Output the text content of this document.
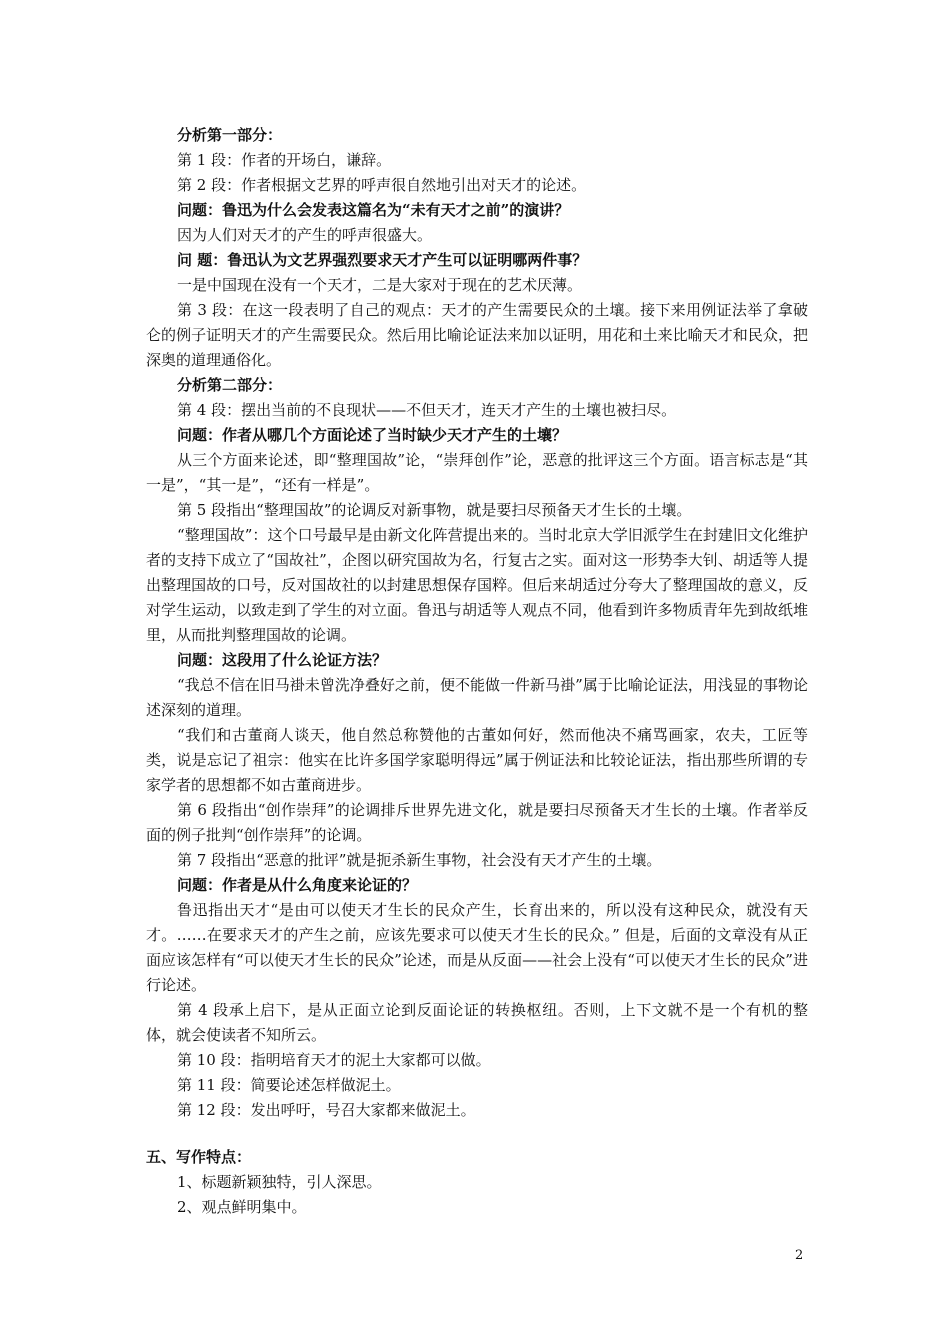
分析第一部分：

第 1 段：作者的开场白，谦辞。

第 2 段：作者根据文艺界的呼声很自然地引出对天才的论述。

问题：鲁迅为什么会发表这篇名为“未有天才之前”的演讲？

因为人们对天才的产生的呼声很盛大。

问 题：鲁迅认为文艺界强烈要求天才产生可以证明哪两件事？

一是中国现在没有一个天才，二是大家对于现在的艺术厌薄。

第 3 段：在这一段表明了自己的观点：天才的产生需要民众的土壤。接下来用例证法举了拿破仑的例子证明天才的产生需要民众。然后用比喻论证法来加以证明，用花和土来比喻天才和民众，把深奥的道理通俗化。

分析第二部分：

第 4 段：摆出当前的不良现状——不但天才，连天才产生的土壤也被扫尽。

问题：作者从哪几个方面论述了当时缺少天才产生的土壤？

从三个方面来论述，即“整理国故”论，“崇拜创作”论，恶意的批评这三个方面。语言标志是“其一是”，“其一是”，“还有一样是”。

第 5 段指出“整理国故”的论调反对新事物，就是要扫尽预备天才生长的土壤。

“整理国故”：这个口号最早是由新文化阵营提出来的。当时北京大学旧派学生在封建旧文化维护者的支持下成立了“国故社”，企图以研究国故为名，行复古之实。面对这一形势李大钊、胡适等人提出整理国故的口号，反对国故社的以封建思想保存国粹。但后来胡适过分夸大了整理国故的意义，反对学生运动，以致走到了学生的对立面。鲁迅与胡适等人观点不同，他看到许多物质青年先到故纸堆里，从而批判整理国故的论调。

问题：这段用了什么论证方法？

“我总不信在旧马褂未曾洗净叠好之前，便不能做一件新马褂”属于比喻论证法，用浅显的事物论述深刻的道理。

“我们和古董商人谈天，他自然总称赞他的古董如何好，然而他决不痛骂画家，农夫，工匠等类，说是忘记了祖宗：他实在比许多国学家聪明得远”属于例证法和比较论证法，指出那些所谓的专家学者的思想都不如古董商进步。

第 6 段指出“创作崇拜”的论调排斥世界先进文化，就是要扫尽预备天才生长的土壤。作者举反面的例子批判“创作崇拜”的论调。

第 7 段指出“恶意的批评”就是扼杀新生事物，社会没有天才产生的土壤。

问题：作者是从什么角度来论证的？

鲁迅指出天才“是由可以使天才生长的民众产生，长育出来的，所以没有这种民众，就没有天才。……在要求天才的产生之前，应该先要求可以使天才生长的民众。” 但是，后面的文章没有从正面应该怎样有“可以使天才生长的民众”论述，而是从反面——社会上没有“可以使天才生长的民众”进行论述。

第 4 段承上启下，是从正面立论到反面论证的转换枢纽。否则，上下文就不是一个有机的整体，就会使读者不知所云。

第 10 段：指明培育天才的泥土大家都可以做。

第 11 段：简要论述怎样做泥土。

第 12 段：发出呼吁，号召大家都来做泥土。

五、写作特点：

1、标题新颖独特，引人深思。

2、观点鲜明集中。

2
